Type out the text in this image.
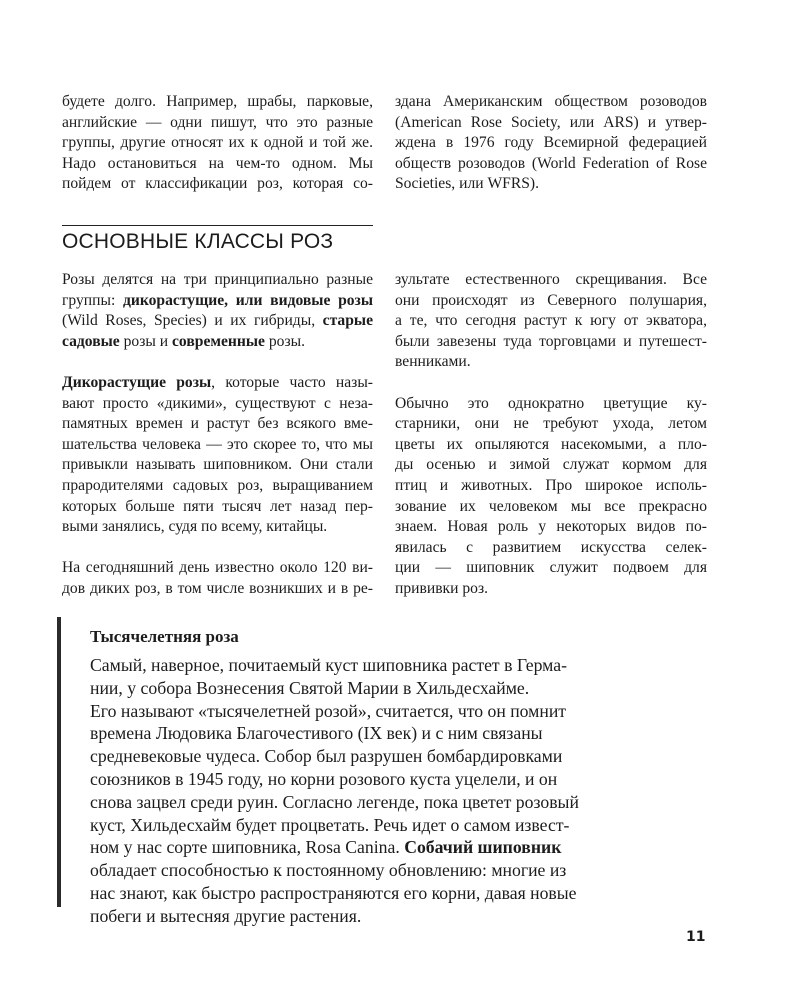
будете долго. Например, шрабы, парковые,
английские — одни пишут, что это разные
группы, другие относят их к одной и той же.
Надо остановиться на чем-то одном. Мы
пойдем от классификации роз, которая со-
здана Американским обществом розоводов
(American Rose Society, или ARS) и утвер-
ждена в 1976 году Всемирной федерацией
обществ розоводов (World Federation of Rose
Societies, или WFRS).
ОСНОВНЫЕ КЛАССЫ РОЗ
Розы делятся на три принципиально разные
группы: дикорастущие, или видовые розы
(Wild Roses, Species) и их гибриды, старые
садовые розы и современные розы.
Дикорастущие розы, которые часто назы-
вают просто «дикими», существуют с неза-
памятных времен и растут без всякого вме-
шательства человека — это скорее то, что мы
привыкли называть шиповником. Они стали
прародителями садовых роз, выращиванием
которых больше пяти тысяч лет назад пер-
выми занялись, судя по всему, китайцы.
На сегодняшний день известно около 120 ви-
дов диких роз, в том числе возникших и в ре-
зультате естественного скрещивания. Все
они происходят из Северного полушария,
а те, что сегодня растут к югу от экватора,
были завезены туда торговцами и путешест-
венниками.
Обычно это однократно цветущие ку-
старники, они не требуют ухода, летом
цветы их опыляются насекомыми, а пло-
ды осенью и зимой служат кормом для
птиц и животных. Про широкое исполь-
зование их человеком мы все прекрасно
знаем. Новая роль у некоторых видов по-
явилась с развитием искусства селек-
ции — шиповник служит подвоем для
прививки роз.
Тысячелетняя роза
Самый, наверное, почитаемый куст шиповника растет в Герма-
нии, у собора Вознесения Святой Марии в Хильдесхайме.
Его называют «тысячелетней розой», считается, что он помнит
времена Людовика Благочестивого (IX век) и с ним связаны
средневековые чудеса. Собор был разрушен бомбардировками
союзников в 1945 году, но корни розового куста уцелели, и он
снова зацвел среди руин. Согласно легенде, пока цветет розовый
куст, Хильдесхайм будет процветать. Речь идет о самом извест-
ном у нас сорте шиповника, Rosa Canina. Собачий шиповник
обладает способностью к постоянному обновлению: многие из
нас знают, как быстро распространяются его корни, давая новые
побеги и вытесняя другие растения.
11
